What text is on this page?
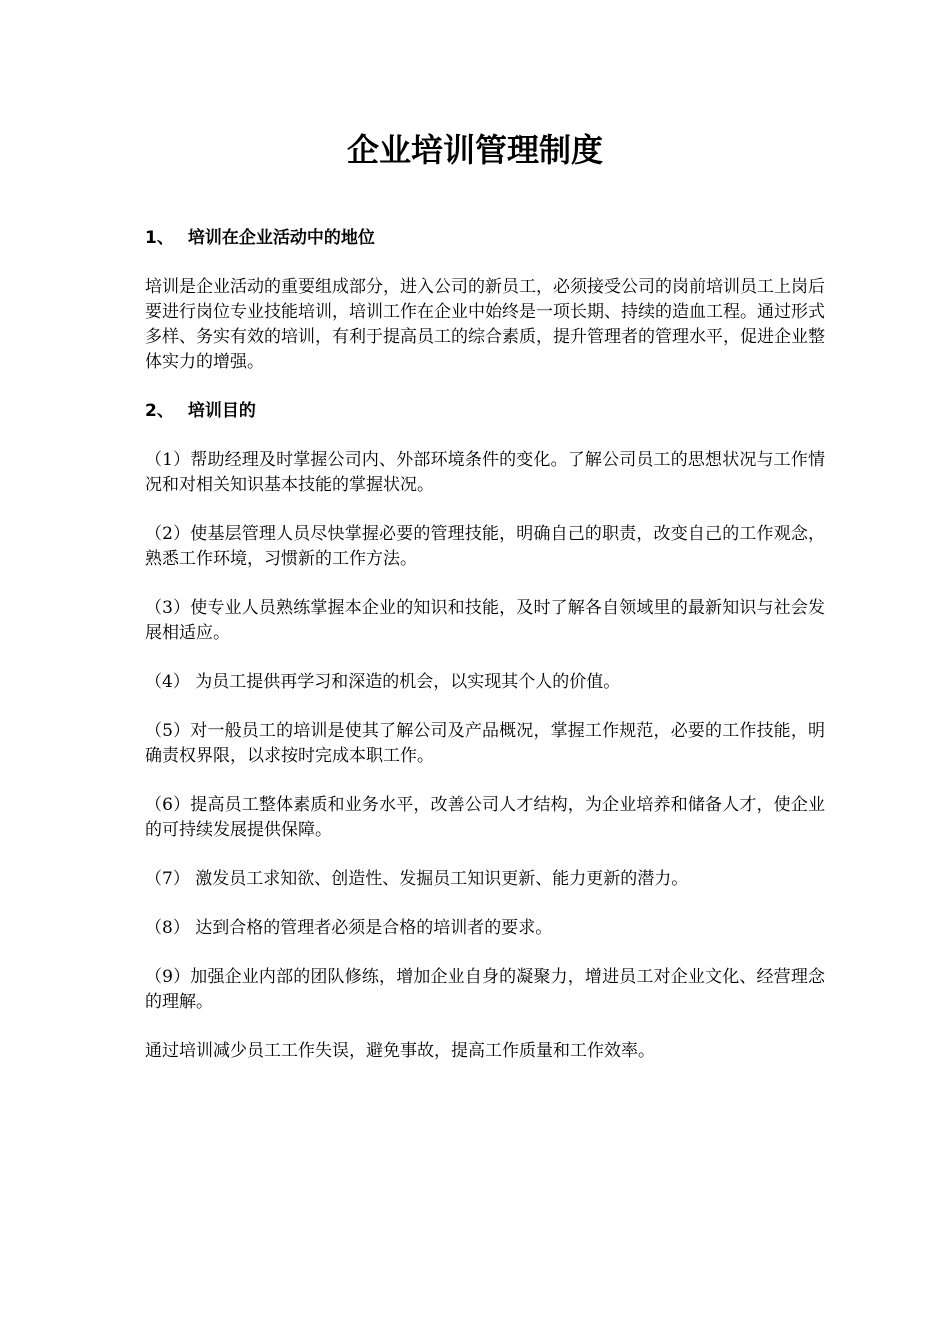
企业培训管理制度
1、 培训在企业活动中的地位

培训是企业活动的重要组成部分，进入公司的新员工，必须接受公司的岗前培训员工上岗后要进行岗位专业技能培训，培训工作在企业中始终是一项长期、持续的造血工程。通过形式多样、务实有效的培训，有利于提高员工的综合素质，提升管理者的管理水平，促进企业整体实力的增强。

2、 培训目的

（1）帮助经理及时掌握公司内、外部环境条件的变化。了解公司员工的思想状况与工作情况和对相关知识基本技能的掌握状况。

（2）使基层管理人员尽快掌握必要的管理技能，明确自己的职责，改变自己的工作观念，熟悉工作环境，习惯新的工作方法。

（3）使专业人员熟练掌握本企业的知识和技能，及时了解各自领域里的最新知识与社会发展相适应。

（4） 为员工提供再学习和深造的机会，以实现其个人的价值。

（5）对一般员工的培训是使其了解公司及产品概况，掌握工作规范，必要的工作技能，明确责权界限，以求按时完成本职工作。

（6）提高员工整体素质和业务水平，改善公司人才结构，为企业培养和储备人才，使企业的可持续发展提供保障。

（7） 激发员工求知欲、创造性、发掘员工知识更新、能力更新的潜力。

（8） 达到合格的管理者必须是合格的培训者的要求。

（9）加强企业内部的团队修练，增加企业自身的凝聚力，增进员工对企业文化、经营理念的理解。

通过培训减少员工工作失误，避免事故，提高工作质量和工作效率。
